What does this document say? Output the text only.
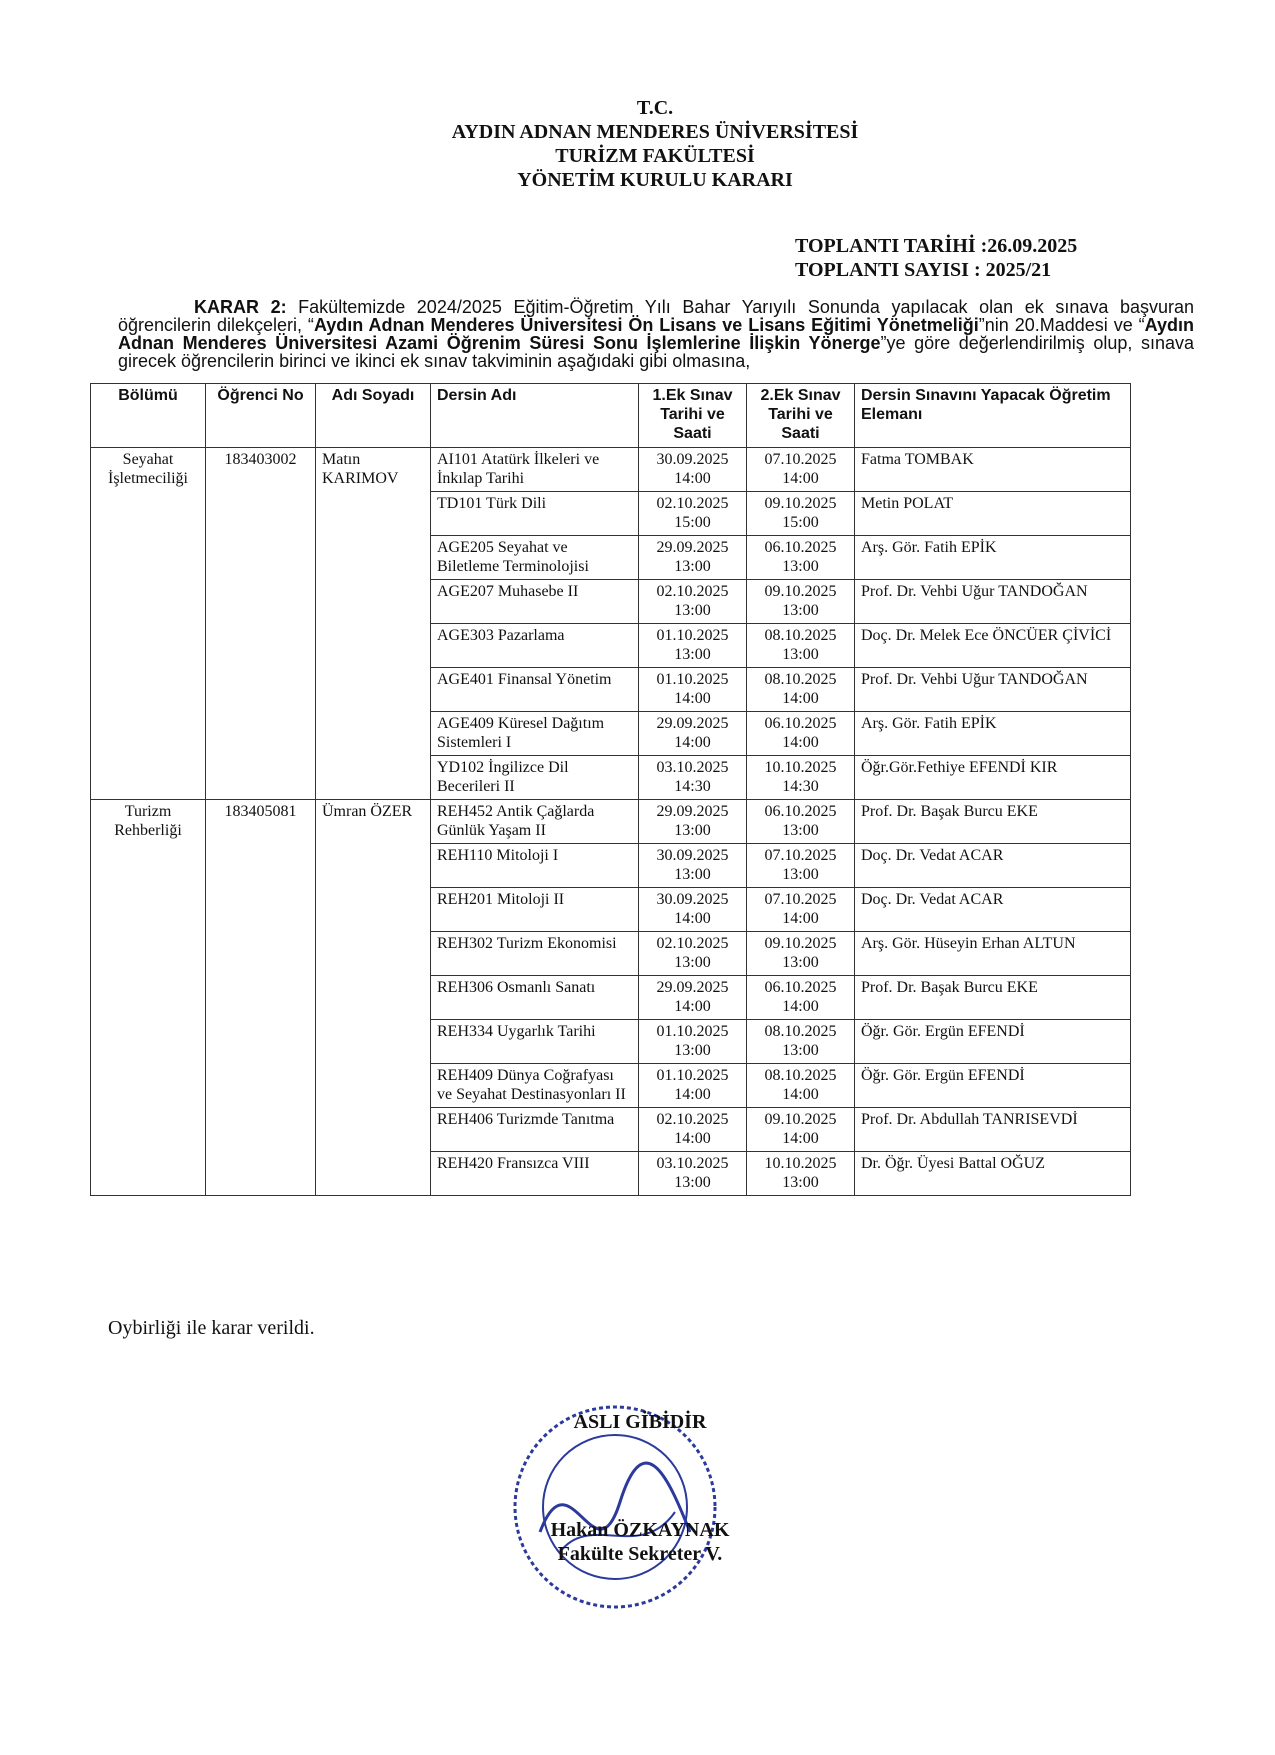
T.C.
AYDIN ADNAN MENDERES ÜNİVERSİTESİ
TURİZM FAKÜLTESİ
YÖNETİM KURULU KARARI
TOPLANTI TARİHİ :26.09.2025
TOPLANTI SAYISI : 2025/21
KARAR 2: Fakültemizde 2024/2025 Eğitim-Öğretim Yılı Bahar Yarıyılı Sonunda yapılacak olan ek sınava başvuran öğrencilerin dilekçeleri, “Aydın Adnan Menderes Üniversitesi Ön Lisans ve Lisans Eğitimi Yönetmeliği”nin 20.Maddesi ve “Aydın Adnan Menderes Üniversitesi Azami Öğrenim Süresi Sonu İşlemlerine İlişkin Yönerge”ye göre değerlendirilmiş olup, sınava girecek öğrencilerin birinci ve ikinci ek sınav takviminin aşağıdaki gibi olmasına,
Bölümü	Öğrenci No	Adı Soyadı	Dersin Adı	1.Ek Sınav Tarihi ve Saati	2.Ek Sınav Tarihi ve Saati	Dersin Sınavını Yapacak Öğretim Elemanı
Seyahat İşletmeciliği	183403002	Matın KARIMOV	AI101 Atatürk İlkeleri ve İnkılap Tarihi	30.09.2025 14:00	07.10.2025 14:00	Fatma TOMBAK
			TD101 Türk Dili	02.10.2025 15:00	09.10.2025 15:00	Metin POLAT
			AGE205 Seyahat ve Biletleme Terminolojisi	29.09.2025 13:00	06.10.2025 13:00	Arş. Gör. Fatih EPİK
			AGE207 Muhasebe II	02.10.2025 13:00	09.10.2025 13:00	Prof. Dr. Vehbi Uğur TANDOĞAN
			AGE303 Pazarlama	01.10.2025 13:00	08.10.2025 13:00	Doç. Dr. Melek Ece ÖNCÜER ÇİVİCİ
			AGE401 Finansal Yönetim	01.10.2025 14:00	08.10.2025 14:00	Prof. Dr. Vehbi Uğur TANDOĞAN
			AGE409 Küresel Dağıtım Sistemleri I	29.09.2025 14:00	06.10.2025 14:00	Arş. Gör. Fatih EPİK
			YD102 İngilizce Dil Becerileri II	03.10.2025 14:30	10.10.2025 14:30	Öğr.Gör.Fethiye EFENDİ KIR
Turizm Rehberliği	183405081	Ümran ÖZER	REH452 Antik Çağlarda Günlük Yaşam II	29.09.2025 13:00	06.10.2025 13:00	Prof. Dr. Başak Burcu EKE
			REH110 Mitoloji I	30.09.2025 13:00	07.10.2025 13:00	Doç. Dr. Vedat ACAR
			REH201 Mitoloji II	30.09.2025 14:00	07.10.2025 14:00	Doç. Dr. Vedat ACAR
			REH302 Turizm Ekonomisi	02.10.2025 13:00	09.10.2025 13:00	Arş. Gör. Hüseyin Erhan ALTUN
			REH306 Osmanlı Sanatı	29.09.2025 14:00	06.10.2025 14:00	Prof. Dr. Başak Burcu EKE
			REH334 Uygarlık Tarihi	01.10.2025 13:00	08.10.2025 13:00	Öğr. Gör. Ergün EFENDİ
			REH409 Dünya Coğrafyası ve Seyahat Destinasyonları II	01.10.2025 14:00	08.10.2025 14:00	Öğr. Gör. Ergün EFENDİ
			REH406 Turizmde Tanıtma	02.10.2025 14:00	09.10.2025 14:00	Prof. Dr. Abdullah TANRISEVDİ
			REH420 Fransızca VIII	03.10.2025 13:00	10.10.2025 13:00	Dr. Öğr. Üyesi Battal OĞUZ
Oybirliği ile karar verildi.
ASLI GİBİDİR
Hakan ÖZKAYNAK
Fakülte Sekreter V.
